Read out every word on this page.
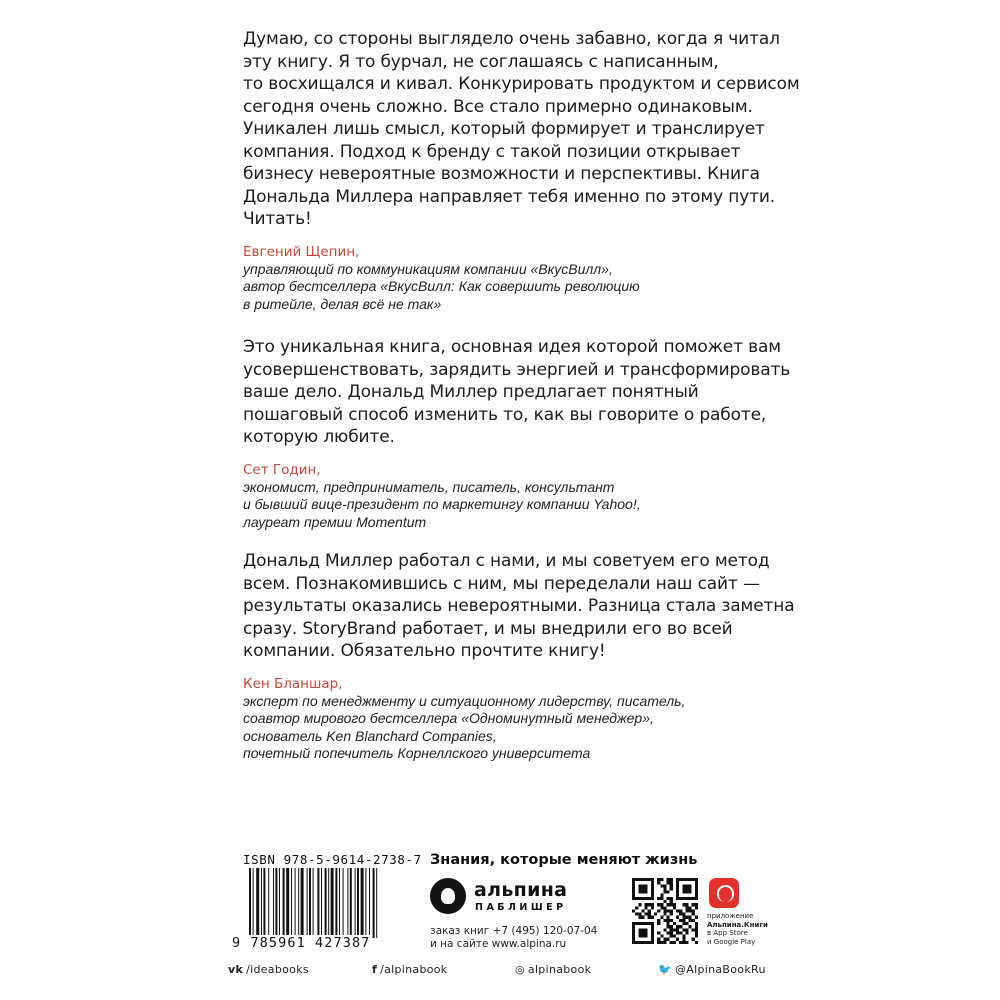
Думаю, со стороны выглядело очень забавно, когда я читал
эту книгу. Я то бурчал, не соглашаясь с написанным,
то восхищался и кивал. Конкурировать продуктом и сервисом
сегодня очень сложно. Все стало примерно одинаковым.
Уникален лишь смысл, который формирует и транслирует
компания. Подход к бренду с такой позиции открывает
бизнесу невероятные возможности и перспективы. Книга
Дональда Миллера направляет тебя именно по этому пути.
Читать!

Евгений Щепин,

управляющий по коммуникациям компании «ВкусВилл»,
автор бестселлера «ВкусВилл: Как совершить революцию
в ритейле, делая всё не так»

Это уникальная книга, основная идея которой поможет вам
усовершенствовать, зарядить энергией и трансформировать
ваше дело. Дональд Миллер предлагает понятный
пошаговый способ изменить то, как вы говорите о работе,
которую любите.

Сет Годин,

экономист, предприниматель, писатель, консультант
и бывший вице-президент по маркетингу компании Yahoo!,
лауреат премии Momentum

Дональд Миллер работал с нами, и мы советуем его метод
всем. Познакомившись с ним, мы переделали наш сайт —
результаты оказались невероятными. Разница стала заметна
сразу. StoryBrand работает, и мы внедрили его во всей
компании. Обязательно прочтите книгу!

Кен Бланшар,

эксперт по менеджменту и ситуационному лидерству, писатель,
соавтор мирового бестселлера «Одноминутный менеджер»,
основатель Ken Blanchard Companies,
почетный попечитель Корнеллского университета

ISBN 978-5-9614-2738-7
9 785961 427387
Знания, которые меняют жизнь
альпина
ПАБЛИШЕР
заказ книг +7 (495) 120-07-04
и на сайте www.alpina.ru
приложение
Альпина.Книги
в App Store
и Google Play
vk /ideabooks	f /alpinabook	◎ alpinabook	🐦 @AlpinaBookRu
